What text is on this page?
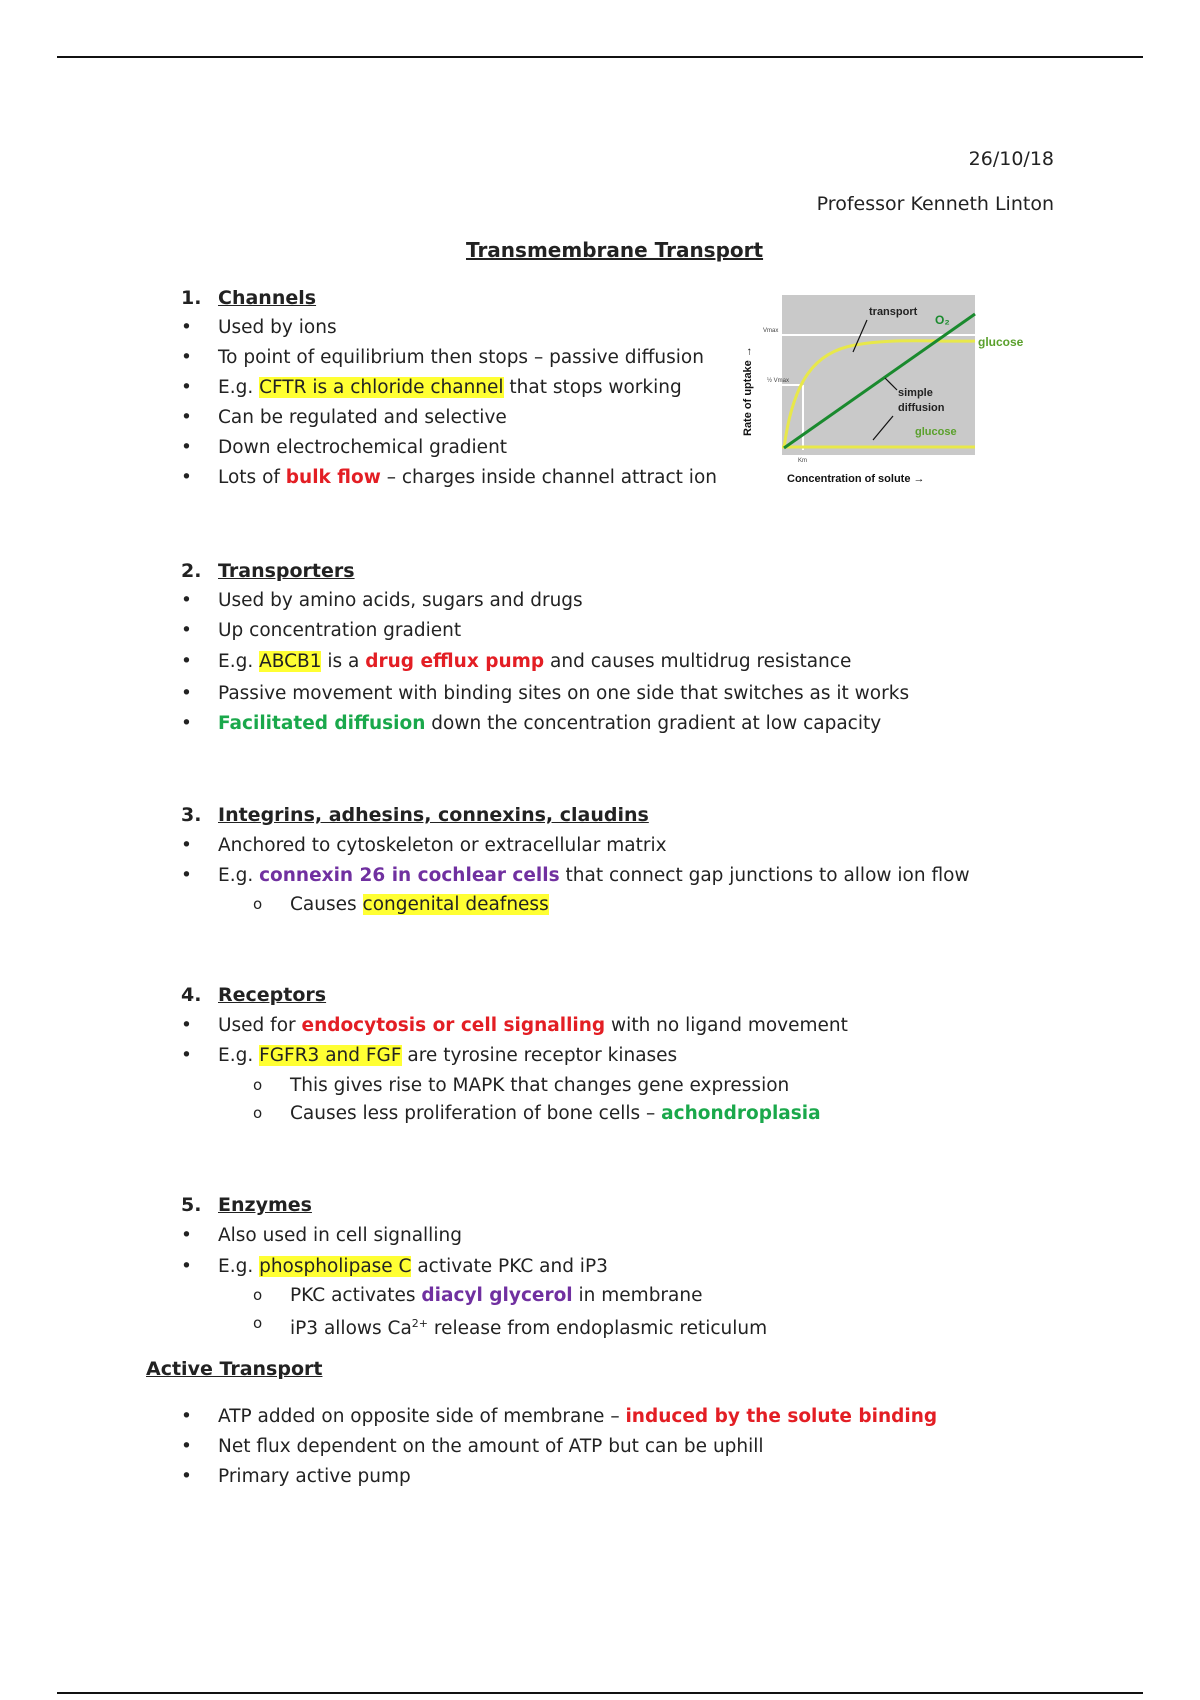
26/10/18
Professor Kenneth Linton
Transmembrane Transport
1. Channels
Used by ions
To point of equilibrium then stops – passive diffusion
E.g. CFTR is a chloride channel that stops working
Can be regulated and selective
Down electrochemical gradient
Lots of bulk flow – charges inside channel attract ion
transport
O₂
glucose
simple
diffusion
glucose
Vmax
½ Vmax
Km
Rate of uptake →
Concentration of solute →
2. Transporters
Used by amino acids, sugars and drugs
Up concentration gradient
E.g. ABCB1 is a drug efflux pump and causes multidrug resistance
Passive movement with binding sites on one side that switches as it works
Facilitated diffusion down the concentration gradient at low capacity
3. Integrins, adhesins, connexins, claudins
Anchored to cytoskeleton or extracellular matrix
E.g. connexin 26 in cochlear cells that connect gap junctions to allow ion flow
Causes congenital deafness
4. Receptors
Used for endocytosis or cell signalling with no ligand movement
E.g. FGFR3 and FGF are tyrosine receptor kinases
This gives rise to MAPK that changes gene expression
Causes less proliferation of bone cells – achondroplasia
5. Enzymes
Also used in cell signalling
E.g. phospholipase C activate PKC and iP3
PKC activates diacyl glycerol in membrane
iP3 allows $Ca^{2+}$ release from endoplasmic reticulum
Active Transport
ATP added on opposite side of membrane – induced by the solute binding
Net flux dependent on the amount of ATP but can be uphill
Primary active pump
